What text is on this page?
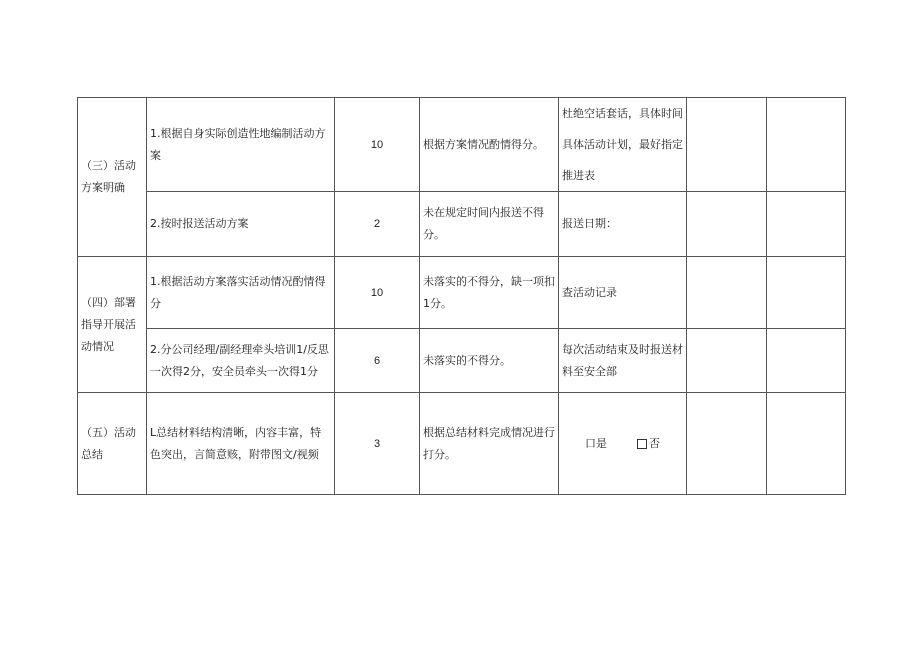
（三）活动方案明确	1.根据自身实际创造性地编制活动方案	10	根据方案情况酌情得分。	杜绝空话套话，具体时间具体活动计划，最好指定推进表		

	2.按时报送活动方案	2	未在规定时间内报送不得分。	报送日期：		

（四）部署指导开展活动情况	1.根据活动方案落实活动情况酌情得分	10	未落实的不得分，缺一项扣1分。	查活动记录		

	2.分公司经理/副经理牵头培训1/反思一次得2分，安全员牵头一次得1分	6	未落实的不得分。	每次活动结束及时报送材料至安全部		

（五）活动总结	L总结材料结构清晰，内容丰富，特色突出，言简意赅，附带图文/视频	3	根据总结材料完成情况进行打分。	口是 否		
